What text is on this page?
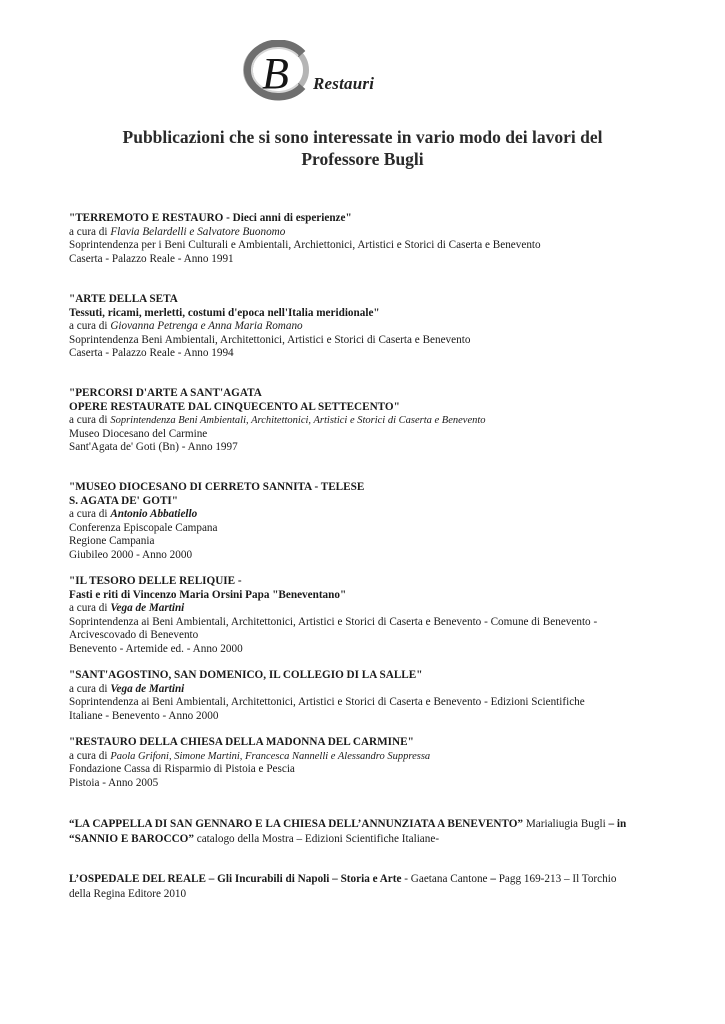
B Restauri
Pubblicazioni che si sono interessate in vario modo dei lavori del
Professore Bugli
"TERREMOTO E RESTAURO - Dieci anni di esperienze"
a cura di Flavia Belardelli e Salvatore Buonomo
Soprintendenza per i Beni Culturali e Ambientali, Archiettonici, Artistici e Storici di Caserta e Benevento
Caserta - Palazzo Reale - Anno 1991
"ARTE DELLA SETA
Tessuti, ricami, merletti, costumi d'epoca nell'Italia meridionale"
a cura di Giovanna Petrenga e Anna Maria Romano
Soprintendenza Beni Ambientali, Architettonici, Artistici e Storici di Caserta e Benevento
Caserta - Palazzo Reale - Anno 1994
"PERCORSI D'ARTE A SANT'AGATA
OPERE RESTAURATE DAL CINQUECENTO AL SETTECENTO"
a cura di Soprintendenza Beni Ambientali, Architettonici, Artistici e Storici di Caserta e Benevento
Museo Diocesano del Carmine
Sant'Agata de' Goti (Bn) - Anno 1997
"MUSEO DIOCESANO DI CERRETO SANNITA - TELESE
S. AGATA DE' GOTI"
a cura di Antonio Abbatiello
Conferenza Episcopale Campana
Regione Campania
Giubileo 2000 - Anno 2000
"IL TESORO DELLE RELIQUIE -
Fasti e riti di Vincenzo Maria Orsini Papa "Beneventano"
a cura di Vega de Martini
Soprintendenza ai Beni Ambientali, Architettonici, Artistici e Storici di Caserta e Benevento - Comune di Benevento -
Arcivescovado di Benevento
Benevento - Artemide ed. - Anno 2000
"SANT'AGOSTINO, SAN DOMENICO, IL COLLEGIO DI LA SALLE"
a cura di Vega de Martini
Soprintendenza ai Beni Ambientali, Architettonici, Artistici e Storici di Caserta e Benevento - Edizioni Scientifiche
Italiane - Benevento - Anno 2000
"RESTAURO DELLA CHIESA DELLA MADONNA DEL CARMINE"
a cura di Paola Grifoni, Simone Martini, Francesca Nannelli e Alessandro Suppressa
Fondazione Cassa di Risparmio di Pistoia e Pescia
Pistoia - Anno 2005
“LA CAPPELLA DI SAN GENNARO E LA CHIESA DELL’ANNUNZIATA A BENEVENTO” Marialiugia Bugli – in
“SANNIO E BAROCCO” catalogo della Mostra – Edizioni Scientifiche Italiane-
L’OSPEDALE DEL REALE – Gli Incurabili di Napoli – Storia e Arte - Gaetana Cantone – Pagg 169-213 – Il Torchio
della Regina Editore 2010
